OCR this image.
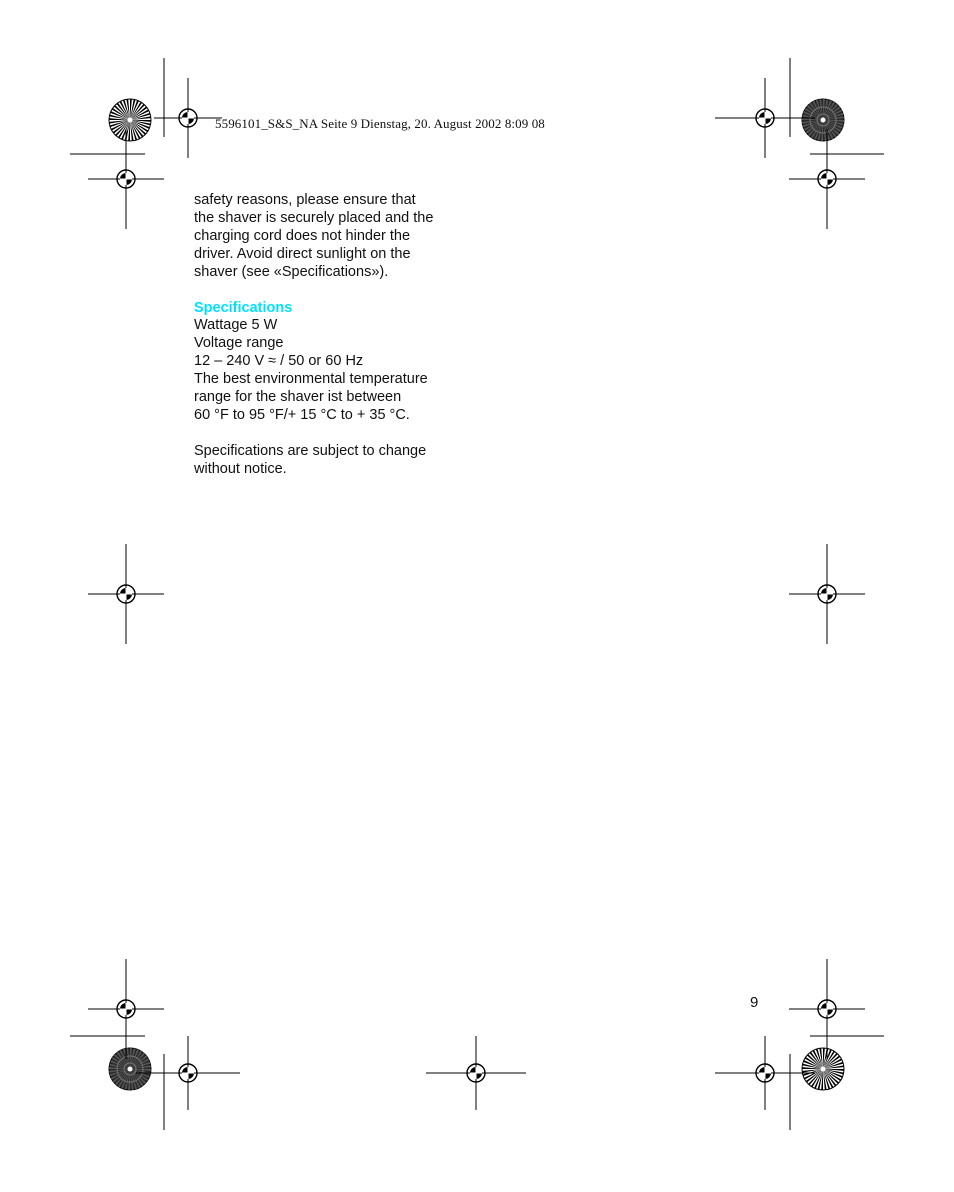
5596101_S&S_NA Seite 9 Dienstag, 20. August 2002 8:09 08

safety reasons, please ensure that

the shaver is securely placed and the

charging cord does not hinder the

driver. Avoid direct sunlight on the

shaver (see «Specifications»).

Specifications

Wattage 5 W

Voltage range

12 – 240 V ≈ / 50 or 60 Hz

The best environmental temperature

range for the shaver ist between

60 °F to 95 °F/+ 15 °C to + 35 °C.

Specifications are subject to change

without notice.

9
